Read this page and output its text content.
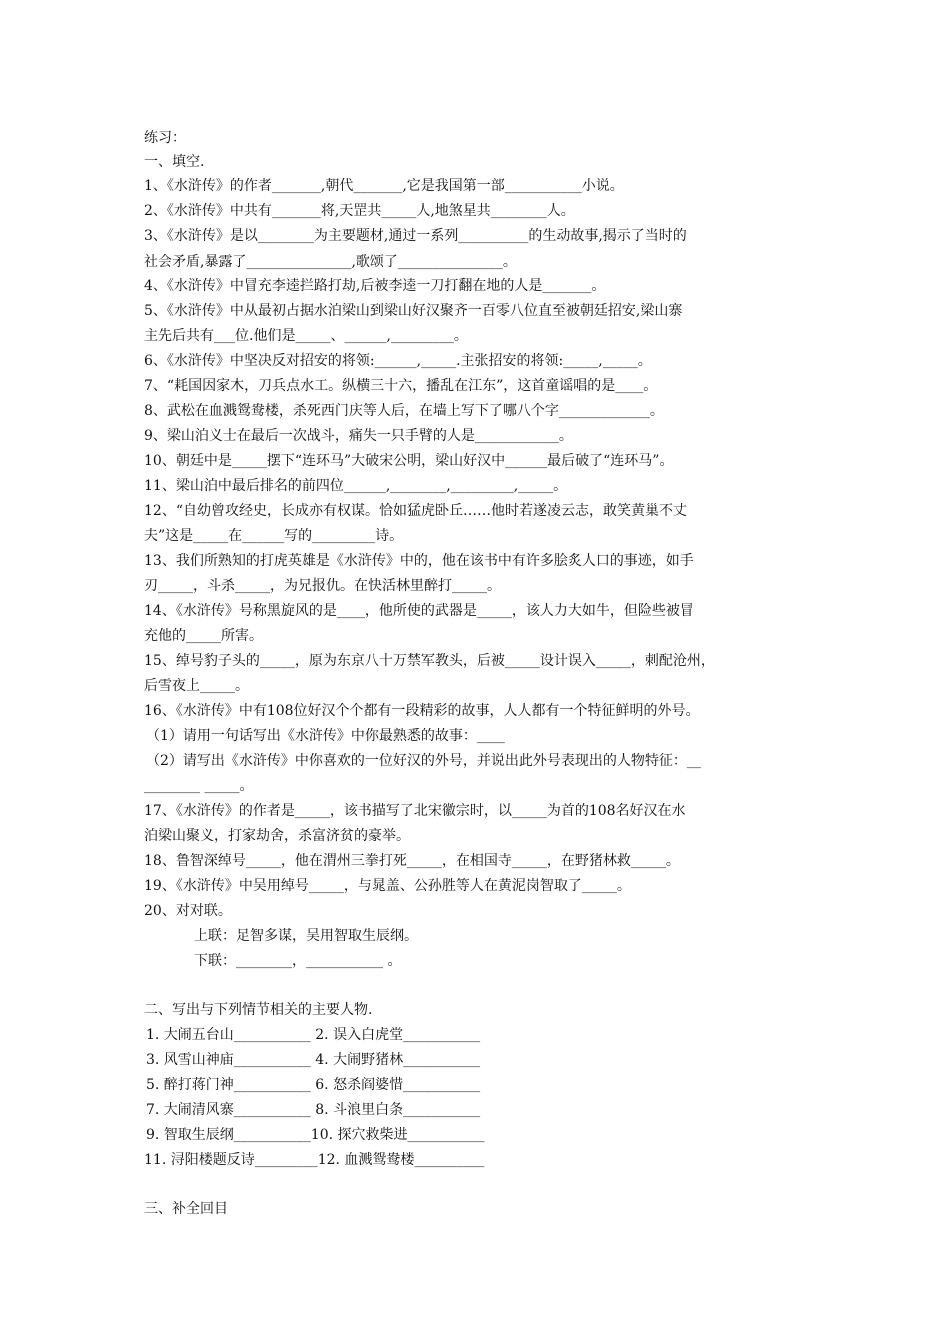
练习：
一、填空.
1、《水浒传》的作者_______,朝代_______,它是我国第一部___________小说。
2、《水浒传》中共有_______将,天罡共_____人,地煞星共________人。
3、《水浒传》是以________为主要题材,通过一系列__________的生动故事,揭示了当时的
社会矛盾,暴露了_______________,歌颂了_______________。
4、《水浒传》中冒充李逵拦路打劫,后被李逵一刀打翻在地的人是_______。
5、《水浒传》中从最初占据水泊梁山到梁山好汉聚齐一百零八位直至被朝廷招安,梁山寨
主先后共有___位.他们是_____、______,_________。
6、《水浒传》中坚决反对招安的将领:______,_____.主张招安的将领:_____,_____。
7、“耗国因家木，刀兵点水工。纵横三十六，播乱在江东”，这首童谣唱的是____。
8、武松在血溅鸳鸯楼，杀死西门庆等人后，在墙上写下了哪八个字_____________。
9、梁山泊义士在最后一次战斗，痛失一只手臂的人是____________。
10、朝廷中是_____摆下“连环马”大破宋公明，梁山好汉中______最后破了“连环马”。
11、梁山泊中最后排名的前四位______,________,_________,_____。
12、“自幼曾攻经史，长成亦有权谋。恰如猛虎卧丘……他时若遂凌云志，敢笑黄巢不丈
夫”这是_____在______写的_________诗。
13、我们所熟知的打虎英雄是《水浒传》中的，他在该书中有许多脍炙人口的事迹，如手
刃_____，斗杀_____，为兄报仇。在快活林里醉打_____。
14、《水浒传》号称黑旋风的是____，他所使的武器是_____，该人力大如牛，但险些被冒
充他的_____所害。
15、绰号豹子头的_____，原为东京八十万禁军教头，后被_____设计误入_____，刺配沧州，
后雪夜上_____。
16、《水浒传》中有108位好汉个个都有一段精彩的故事，人人都有一个特征鲜明的外号。
（1）请用一句话写出《水浒传》中你最熟悉的故事：____
（2）请写出《水浒传》中你喜欢的一位好汉的外号，并说出此外号表现出的人物特征：__
________ _____。
17、《水浒传》的作者是_____，该书描写了北宋徽宗时，以_____为首的108名好汉在水
泊梁山聚义，打家劫舍，杀富济贫的豪举。
18、鲁智深绰号_____，他在渭州三拳打死_____，在相国寺_____，在野猪林救_____。
19、《水浒传》中吴用绰号_____，与晁盖、公孙胜等人在黄泥岗智取了_____。
20、对对联。
上联：足智多谋，吴用智取生辰纲。
下联：________，___________ 。
二、写出与下列情节相关的主要人物.
1. 大闹五台山___________ 2. 误入白虎堂___________
3. 风雪山神庙___________ 4. 大闹野猪林___________
5. 醉打蒋门神___________ 6. 怒杀阎婆惜___________
7. 大闹清风寨___________ 8. 斗浪里白条___________
9. 智取生辰纲___________10. 探穴救柴进___________
11. 浔阳楼题反诗_________12. 血溅鸳鸯楼__________
三、补全回目
